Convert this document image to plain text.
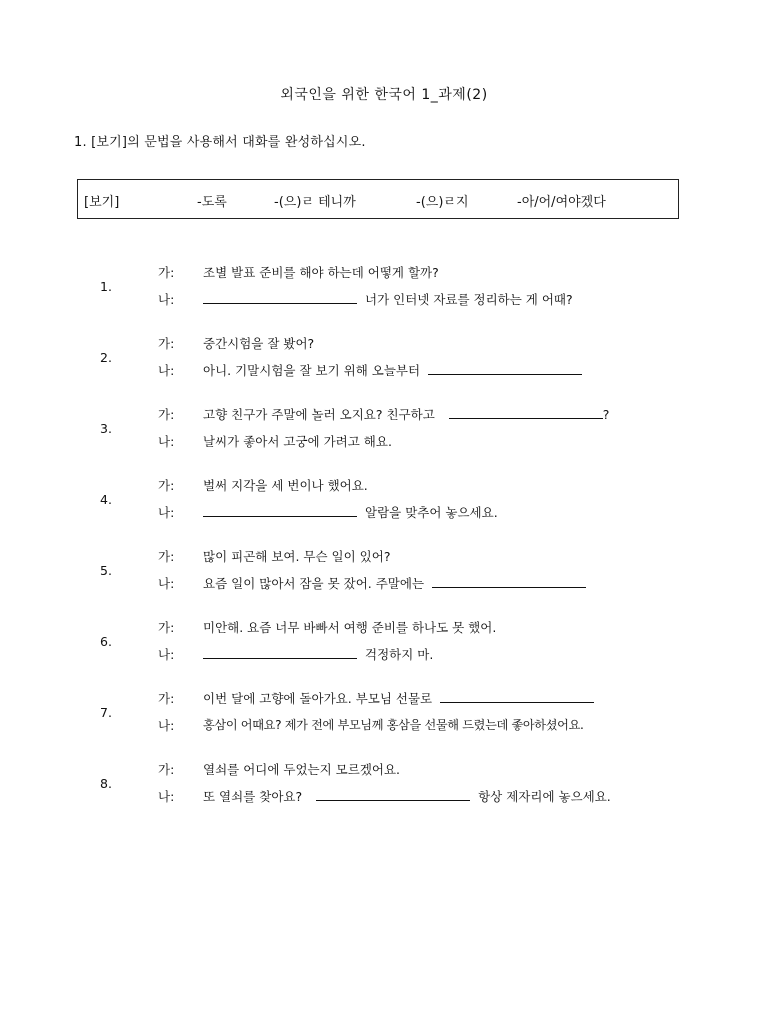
외국인을 위한 한국어 1_과제(2)
1. [보기]의 문법을 사용해서 대화를 완성하십시오.
[보기]	-도록	-(으)ㄹ 테니까	-(으)ㄹ지	-아/어/여야겠다
1.
가: 조별 발표 준비를 해야 하는데 어떻게 할까?
나:	너가 인터넷 자료를 정리하는 게 어때?
2.
가: 중간시험을 잘 봤어?
나: 아니. 기말시험을 잘 보기 위해 오늘부터
3.
가: 고향 친구가 주말에 놀러 오지요? 친구하고	?
나: 날씨가 좋아서 고궁에 가려고 해요.
4.
가: 벌써 지각을 세 번이나 했어요.
나:	알람을 맞추어 놓으세요.
5.
가: 많이 피곤해 보여. 무슨 일이 있어?
나: 요즘 일이 많아서 잠을 못 잤어. 주말에는
6.
가: 미안해. 요즘 너무 바빠서 여행 준비를 하나도 못 했어.
나:	걱정하지 마.
7.
가: 이번 달에 고향에 돌아가요. 부모님 선물로
나: 홍삼이 어때요? 제가 전에 부모님께 홍삼을 선물해 드렸는데 좋아하셨어요.
8.
가: 열쇠를 어디에 두었는지 모르겠어요.
나: 또 열쇠를 찾아요?	항상 제자리에 놓으세요.
